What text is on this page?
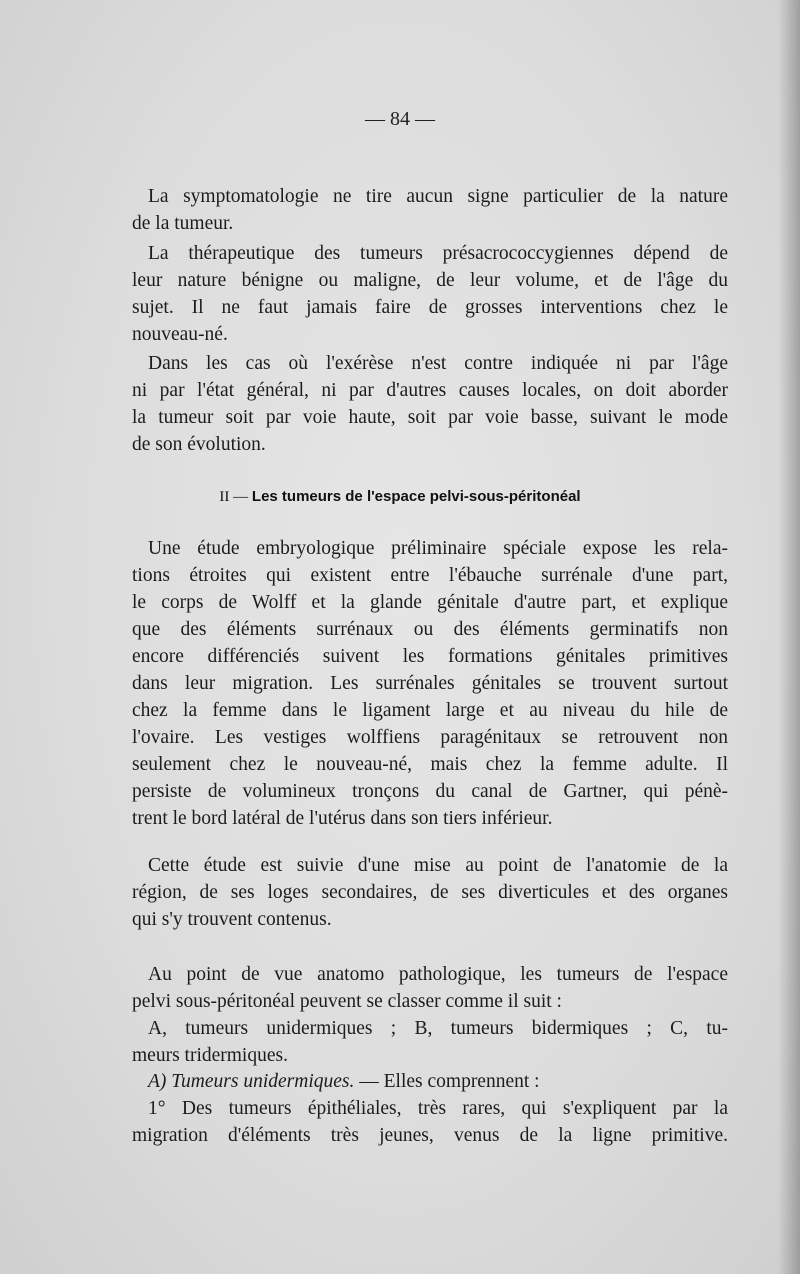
— 84 —
La symptomatologie ne tire aucun signe particulier de la nature
de la tumeur.
La thérapeutique des tumeurs présacrococcygiennes dépend de
leur nature bénigne ou maligne, de leur volume, et de l'âge du
sujet. Il ne faut jamais faire de grosses interventions chez le
nouveau-né.
Dans les cas où l'exérèse n'est contre indiquée ni par l'âge
ni par l'état général, ni par d'autres causes locales, on doit aborder
la tumeur soit par voie haute, soit par voie basse, suivant le mode
de son évolution.
II — Les tumeurs de l'espace pelvi-sous-péritonéal
Une étude embryologique préliminaire spéciale expose les rela-
tions étroites qui existent entre l'ébauche surrénale d'une part,
le corps de Wolff et la glande génitale d'autre part, et explique
que des éléments surrénaux ou des éléments germinatifs non
encore différenciés suivent les formations génitales primitives
dans leur migration. Les surrénales génitales se trouvent surtout
chez la femme dans le ligament large et au niveau du hile de
l'ovaire. Les vestiges wolffiens paragénitaux se retrouvent non
seulement chez le nouveau-né, mais chez la femme adulte. Il
persiste de volumineux tronçons du canal de Gartner, qui pénè-
trent le bord latéral de l'utérus dans son tiers inférieur.
Cette étude est suivie d'une mise au point de l'anatomie de la
région, de ses loges secondaires, de ses diverticules et des organes
qui s'y trouvent contenus.
Au point de vue anatomo pathologique, les tumeurs de l'espace
pelvi sous-péritonéal peuvent se classer comme il suit :
A, tumeurs unidermiques ; B, tumeurs bidermiques ; C, tu-
meurs tridermiques.
A) Tumeurs unidermiques. — Elles comprennent :
1° Des tumeurs épithéliales, très rares, qui s'expliquent par la
migration d'éléments très jeunes, venus de la ligne primitive.
